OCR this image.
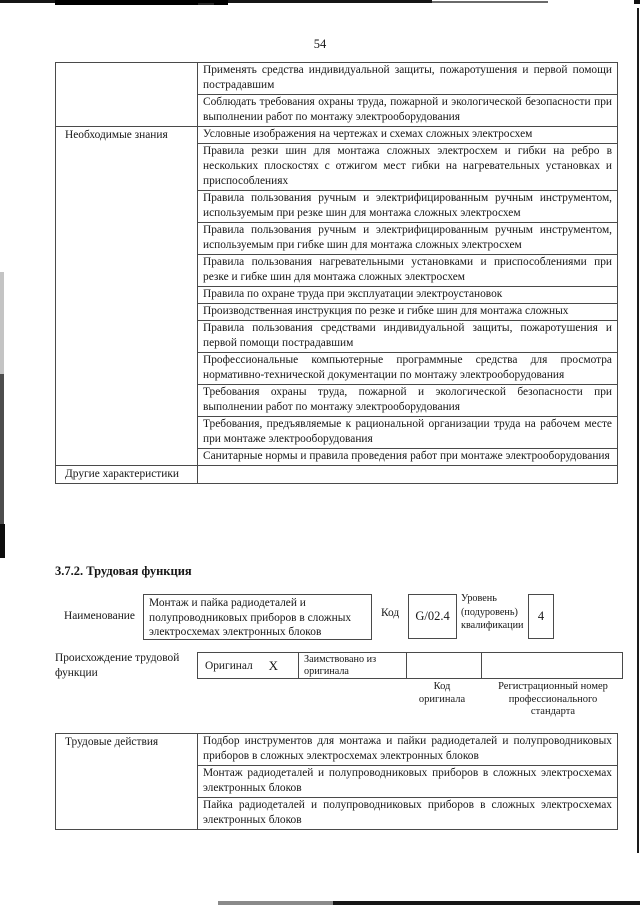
54
Применять средства индивидуальной защиты, пожаротушения и первой помощи пострадавшим
Соблюдать требования охраны труда, пожарной и экологической безопасности при выполнении работ по монтажу электрооборудования
Необходимые знания	Условные изображения на чертежах и схемах сложных электросхем
Правила резки шин для монтажа сложных электросхем и гибки на ребро в нескольких плоскостях с отжигом мест гибки на нагревательных установках и приспособлениях
Правила пользования ручным и электрифицированным ручным инструментом, используемым при резке шин для монтажа сложных электросхем
Правила пользования ручным и электрифицированным ручным инструментом, используемым при гибке шин для монтажа сложных электросхем
Правила пользования нагревательными установками и приспособлениями при резке и гибке шин для монтажа сложных электросхем
Правила по охране труда при эксплуатации электроустановок
Производственная инструкция по резке и гибке шин для монтажа сложных
Правила пользования средствами индивидуальной защиты, пожаротушения и первой помощи пострадавшим
Профессиональные компьютерные программные средства для просмотра нормативно-технической документации по монтажу электрооборудования
Требования охраны труда, пожарной и экологической безопасности при выполнении работ по монтажу электрооборудования
Требования, предъявляемые к рациональной организации труда на рабочем месте при монтаже электрооборудования
Санитарные нормы и правила проведения работ при монтаже электрооборудования
Другие характеристики
3.7.2. Трудовая функция
Наименование
Монтаж и пайка радиодеталей и полупроводниковых приборов в сложных электросхемах электронных блоков
Код	G/02.4
Уровень (подуровень) квалификации
4
Происхождение трудовой функции
Оригинал X	Заимствовано из оригинала
Код оригинала
Регистрационный номер профессионального стандарта
Трудовые действия	Подбор инструментов для монтажа и пайки радиодеталей и полупроводниковых приборов в сложных электросхемах электронных блоков
Монтаж радиодеталей и полупроводниковых приборов в сложных электросхемах электронных блоков
Пайка радиодеталей и полупроводниковых приборов в сложных электросхемах электронных блоков
